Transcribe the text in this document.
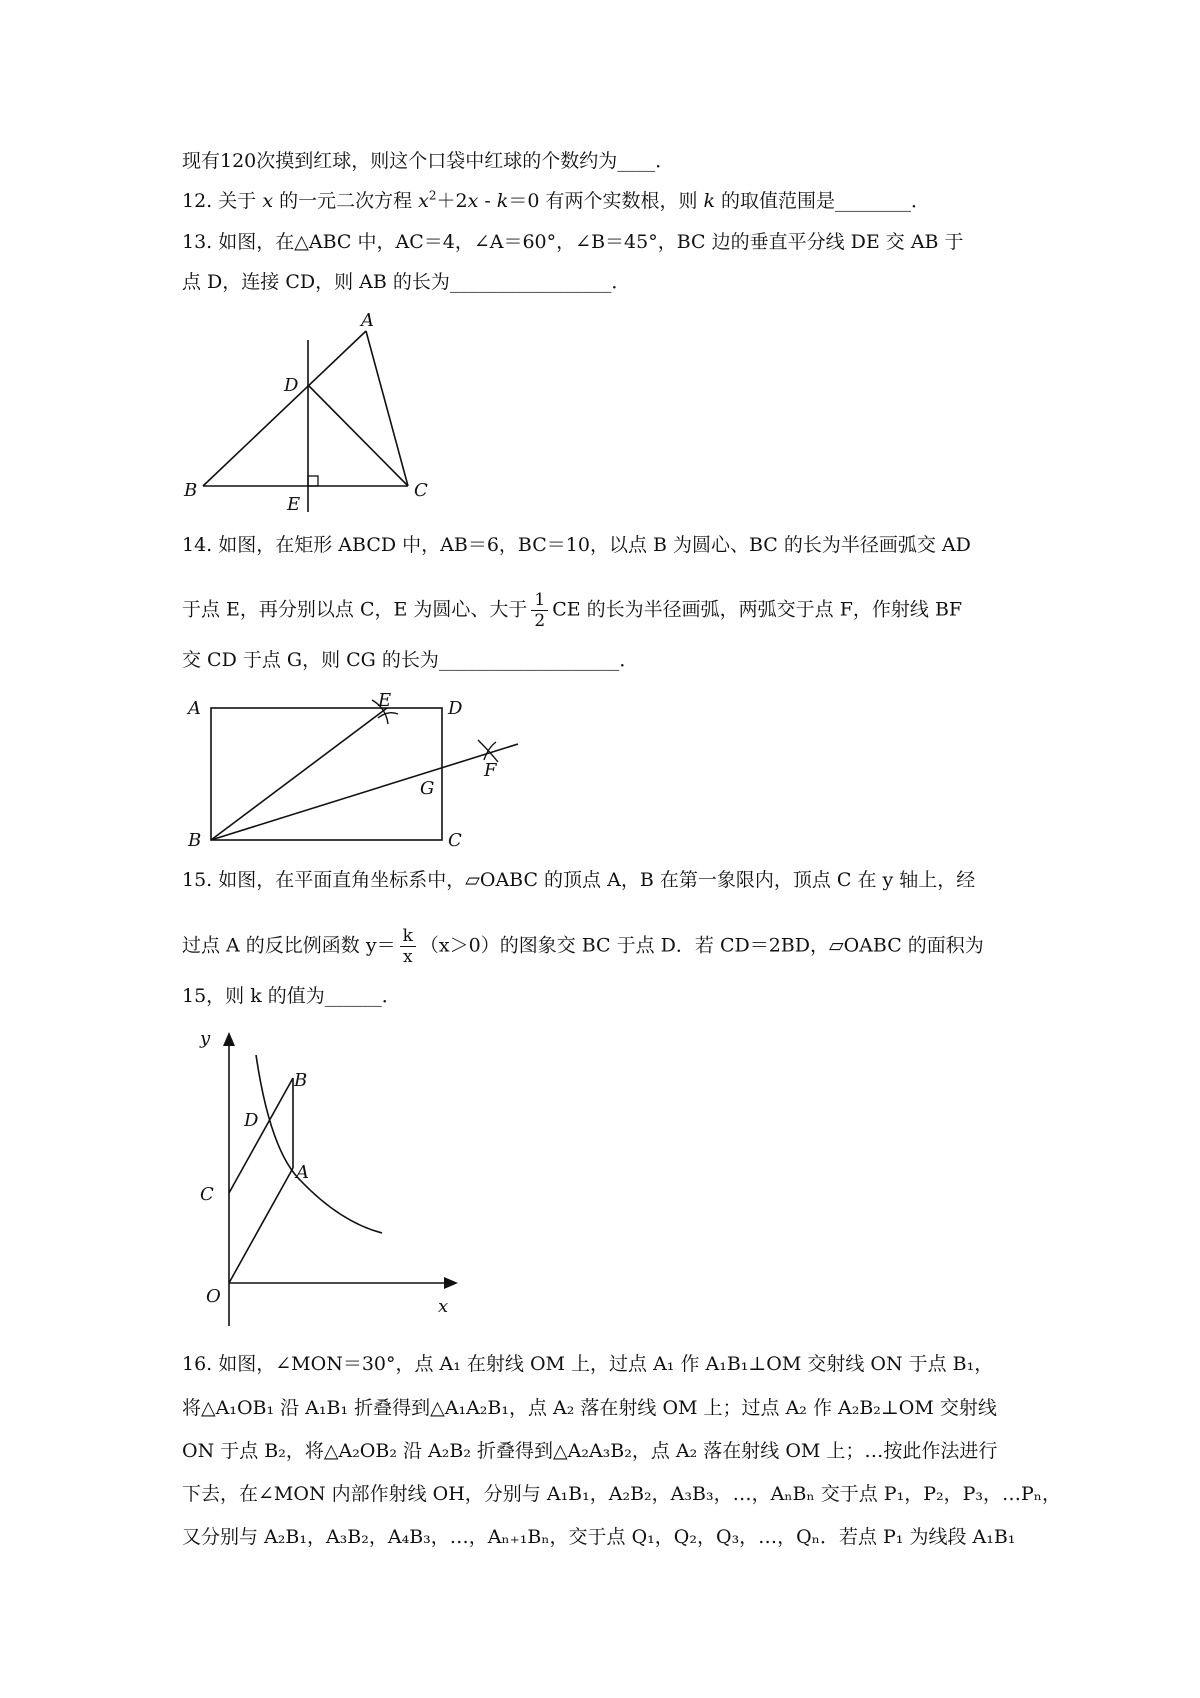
现有120次摸到红球，则这个口袋中红球的个数约为____．
12. 关于 x 的一元二次方程 $x^2+2x - k=0$ 有两个实数根，则 k 的取值范围是________．
13. 如图，在△ABC 中，AC＝4，∠A＝60°，∠B＝45°，BC 边的垂直平分线 DE 交 AB 于
点 D，连接 CD，则 AB 的长为_________________．
A
B	C
D
E
14. 如图，在矩形 ABCD 中，AB＝6，BC＝10，以点 B 为圆心、BC 的长为半径画弧交 AD
于点 E，再分别以点 C，E 为圆心、大于 $\frac{1}{2}$ CE 的长为半径画弧，两弧交于点 F，作射线 BF
交 CD 于点 G，则 CG 的长为___________________．
A	D
B	C
E
F
G
15. 如图，在平面直角坐标系中，▱OABC 的顶点 A，B 在第一象限内，顶点 C 在 y 轴上，经
过点 A 的反比例函数 $y= \frac{k}{x} (x>0)$的图象交 BC 于点 D．若 CD＝2BD，▱OABC 的面积为
15，则 k 的值为______．
y
x
O
A
B
C
D
16. 如图，∠MON＝30°，点 A₁ 在射线 OM 上，过点 A₁ 作 A₁B₁⊥OM 交射线 ON 于点 B₁，
将△A₁OB₁ 沿 A₁B₁ 折叠得到△A₁A₂B₁，点 A₂ 落在射线 OM 上；过点 A₂ 作 A₂B₂⊥OM 交射线
ON 于点 B₂，将△A₂OB₂ 沿 A₂B₂ 折叠得到△A₂A₃B₂，点 A₂ 落在射线 OM 上；…按此作法进行
下去，在∠MON 内部作射线 OH，分别与 A₁B₁，A₂B₂，A₃B₃，…，AₙBₙ 交于点 P₁，P₂，P₃，…Pₙ，
又分别与 A₂B₁，A₃B₂，A₄B₃，…，Aₙ₊₁Bₙ，交于点 Q₁，Q₂，Q₃，…，Qₙ．若点 P₁ 为线段 A₁B₁
